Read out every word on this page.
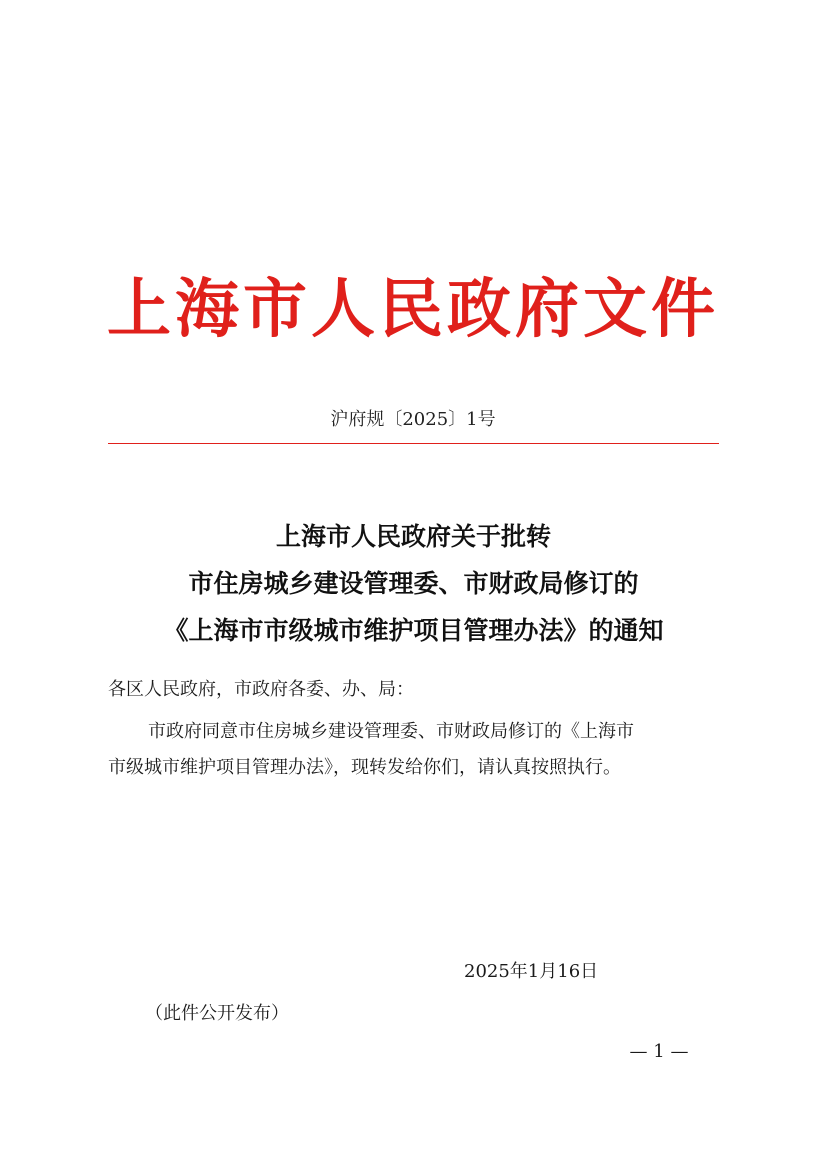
上海市人民政府文件
沪府规〔2025〕1号
上海市人民政府关于批转
市住房城乡建设管理委、市财政局修订的
《上海市市级城市维护项目管理办法》的通知
各区人民政府，市政府各委、办、局：
市政府同意市住房城乡建设管理委、市财政局修订的《上海市
市级城市维护项目管理办法》，现转发给你们，请认真按照执行。
2025年1月16日
（此件公开发布）
— 1 —
